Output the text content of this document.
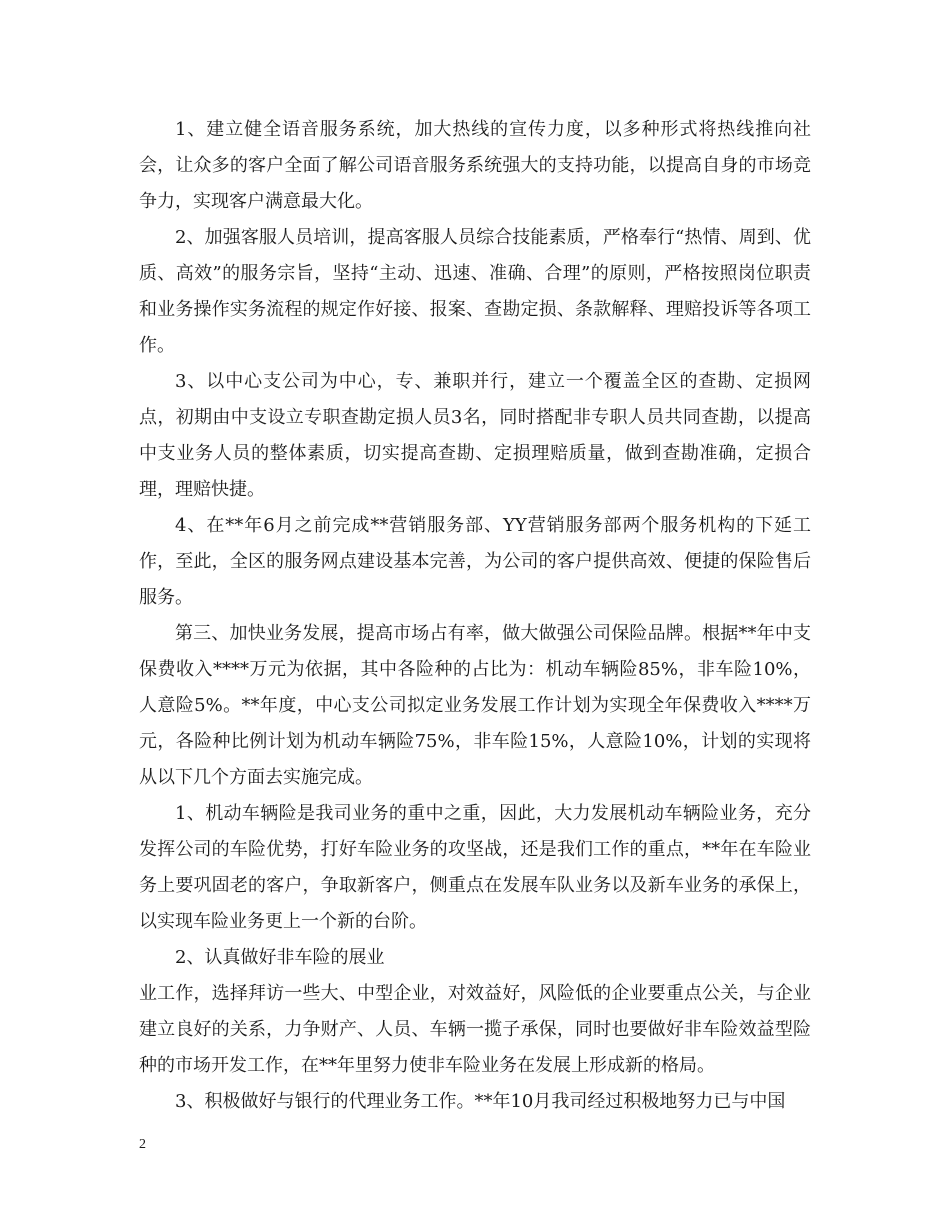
1、建立健全语音服务系统，加大热线的宣传力度，以多种形式将热线推向社会，让众多的客户全面了解公司语音服务系统强大的支持功能，以提高自身的市场竞争力，实现客户满意最大化。

2、加强客服人员培训，提高客服人员综合技能素质，严格奉行“热情、周到、优质、高效”的服务宗旨，坚持“主动、迅速、准确、合理”的原则，严格按照岗位职责和业务操作实务流程的规定作好接、报案、查勘定损、条款解释、理赔投诉等各项工作。

3、以中心支公司为中心，专、兼职并行，建立一个覆盖全区的查勘、定损网点，初期由中支设立专职查勘定损人员3名，同时搭配非专职人员共同查勘，以提高中支业务人员的整体素质，切实提高查勘、定损理赔质量，做到查勘准确，定损合理，理赔快捷。

4、在**年6月之前完成**营销服务部、YY营销服务部两个服务机构的下延工作，至此，全区的服务网点建设基本完善，为公司的客户提供高效、便捷的保险售后服务。

第三、加快业务发展，提高市场占有率，做大做强公司保险品牌。根据**年中支保费收入****万元为依据，其中各险种的占比为：机动车辆险85%，非车险10%，人意险5%。**年度，中心支公司拟定业务发展工作计划为实现全年保费收入****万元，各险种比例计划为机动车辆险75%，非车险15%，人意险10%，计划的实现将从以下几个方面去实施完成。

1、机动车辆险是我司业务的重中之重，因此，大力发展机动车辆险业务，充分发挥公司的车险优势，打好车险业务的攻坚战，还是我们工作的重点，**年在车险业务上要巩固老的客户，争取新客户，侧重点在发展车队业务以及新车业务的承保上，以实现车险业务更上一个新的台阶。

2、认真做好非车险的展业

业工作，选择拜访一些大、中型企业，对效益好，风险低的企业要重点公关，与企业建立良好的关系，力争财产、人员、车辆一揽子承保，同时也要做好非车险效益型险种的市场开发工作，在**年里努力使非车险业务在发展上形成新的格局。

3、积极做好与银行的代理业务工作。**年10月我司经过积极地努力已与中国

2
